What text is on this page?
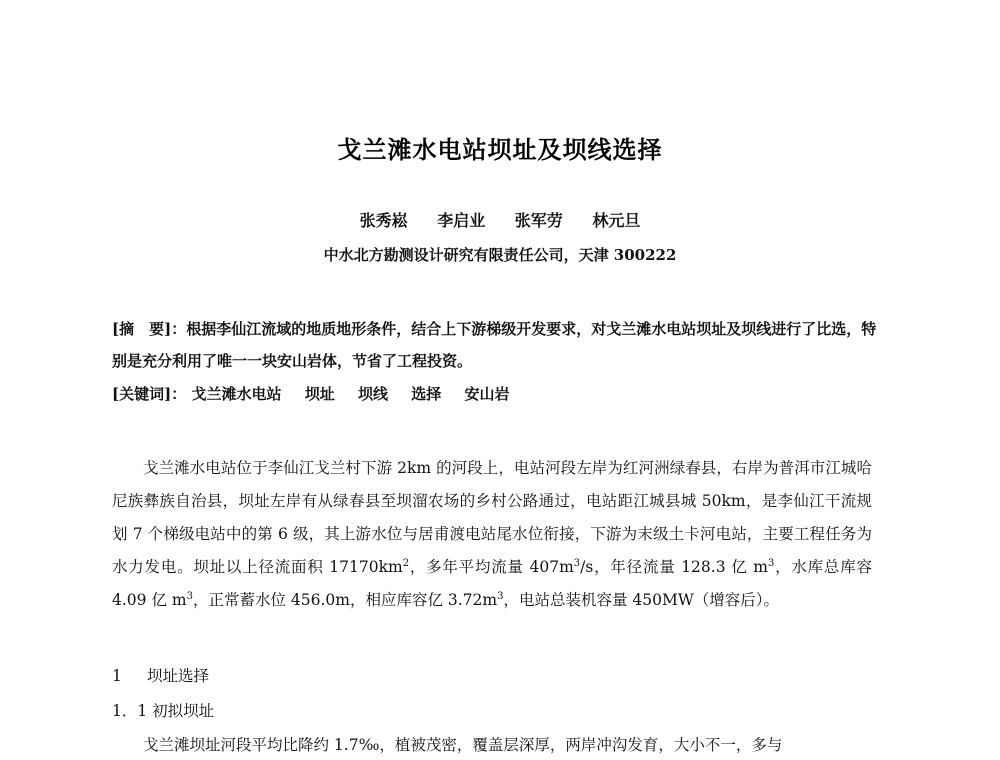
戈兰滩水电站坝址及坝线选择
张秀崧 李启业 张军劳 林元旦
中水北方勘测设计研究有限责任公司，天津 300222
[摘　要]：根据李仙江流域的地质地形条件，结合上下游梯级开发要求，对戈兰滩水电站坝址及坝线进行了比选，特别是充分利用了唯一一块安山岩体，节省了工程投资。
[关键词]： 戈兰滩水电站 坝址 坝线 选择 安山岩

戈兰滩水电站位于李仙江戈兰村下游 2km 的河段上，电站河段左岸为红河洲绿春县，右岸为普洱市江城哈尼族彝族自治县，坝址左岸有从绿春县至坝溜农场的乡村公路通过，电站距江城县城 50km，是李仙江干流规划 7 个梯级电站中的第 6 级，其上游水位与居甫渡电站尾水位衔接，下游为末级土卡河电站，主要工程任务为水力发电。坝址以上径流面积 $17170km^2$，多年平均流量 $407m^3/s$，年径流量 128.3 亿 $m^3$，水库总库容 4.09 亿 $m^3$，正常蓄水位 456.0m，相应库容亿 $3.72m^3$，电站总装机容量 450MW（增容后）。

1 坝址选择
1．1 初拟坝址
戈兰滩坝址河段平均比降约 1.7‰，植被茂密，覆盖层深厚，两岸冲沟发育，大小不一，多与
